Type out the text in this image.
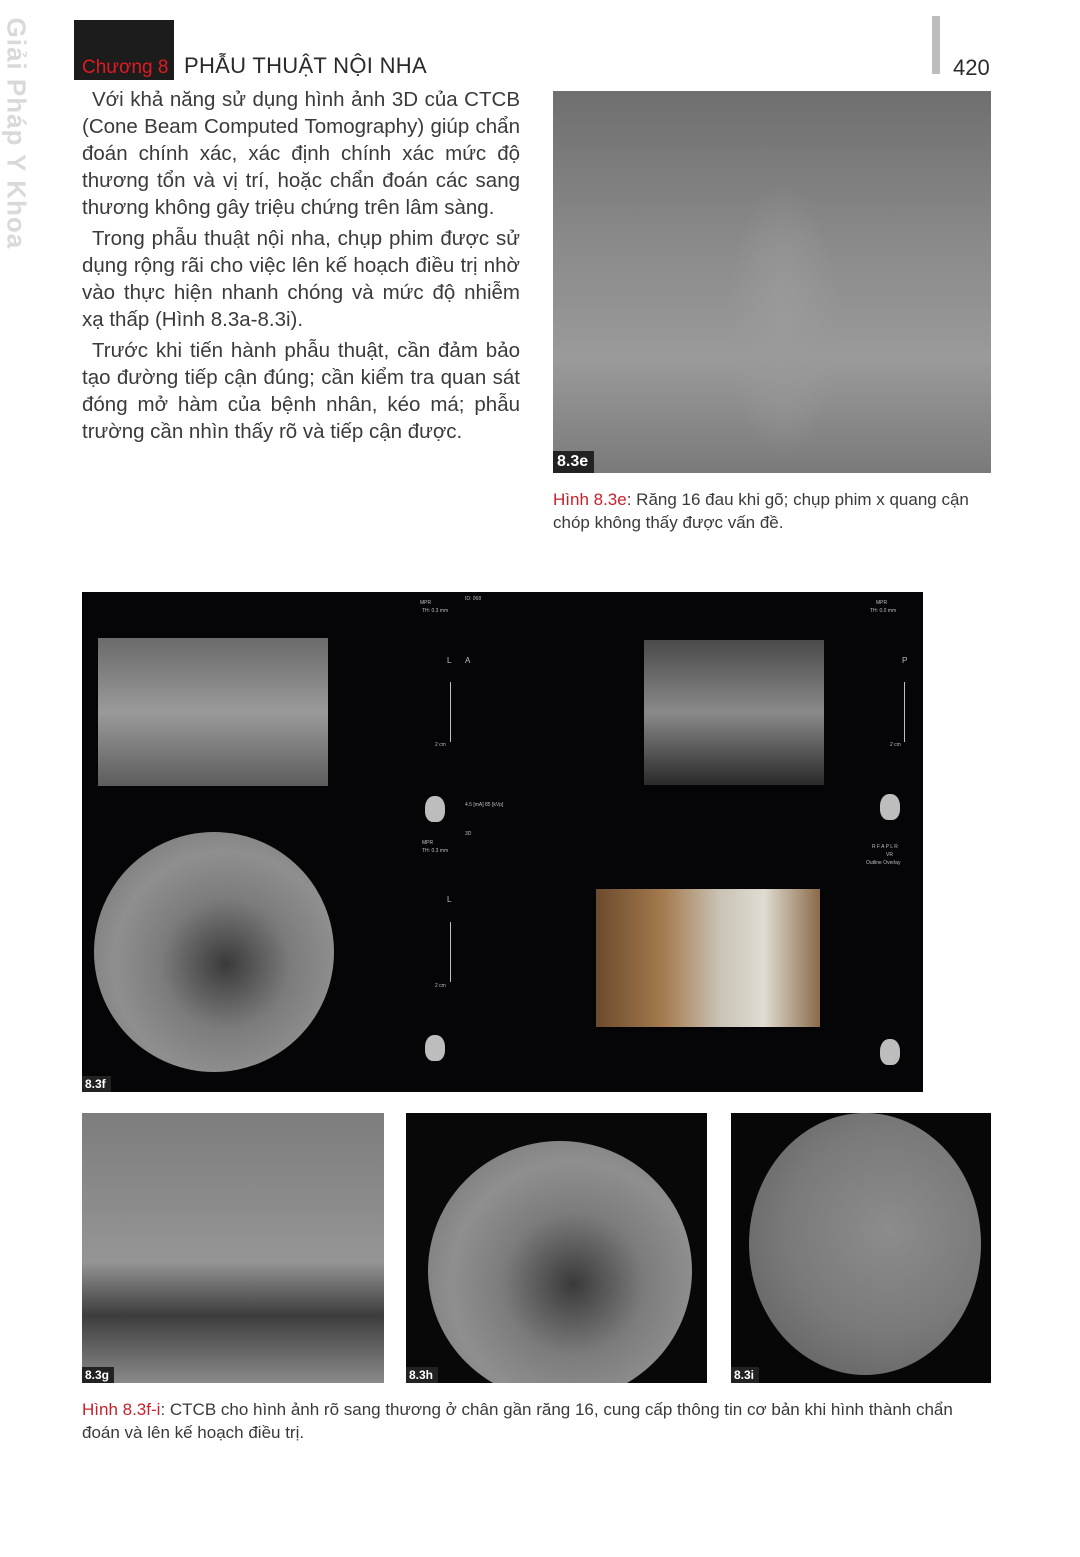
Giải Pháp Y Khoa	Chương 8 PHẪU THUẬT NỘI NHA	420

Với khả năng sử dụng hình ảnh 3D của CTCB (Cone Beam Computed Tomography) giúp chẩn đoán chính xác, xác định chính xác mức độ thương tổn và vị trí, hoặc chẩn đoán các sang thương không gây triệu chứng trên lâm sàng.

Trong phẫu thuật nội nha, chụp phim được sử dụng rộng rãi cho việc lên kế hoạch điều trị nhờ vào thực hiện nhanh chóng và mức độ nhiễm xạ thấp (Hình 8.3a-8.3i).

Trước khi tiến hành phẫu thuật, cần đảm bảo tạo đường tiếp cận đúng; cần kiểm tra quan sát đóng mở hàm của bệnh nhân, kéo má; phẫu trường cần nhìn thấy rõ và tiếp cận được.

8.3e
Hình 8.3e: Răng 16 đau khi gõ; chụp phim x quang cận chóp không thấy được vấn đề.
MPR
TH: 0.3 mm
L
2 cm
ID: 068
A
MPR
TH: 0.0 mm
P
2 cm
4.5 [mA] 85 [kVp]
MPR
TH: 0.3 mm
L
2 cm
8.3f
3D
R F A P L R
VR
Outline Overlay
8.3g	8.3h	8.3i
Hình 8.3f-i: CTCB cho hình ảnh rõ sang thương ở chân gần răng 16, cung cấp thông tin cơ bản khi hình thành chẩn đoán và lên kế hoạch điều trị.
